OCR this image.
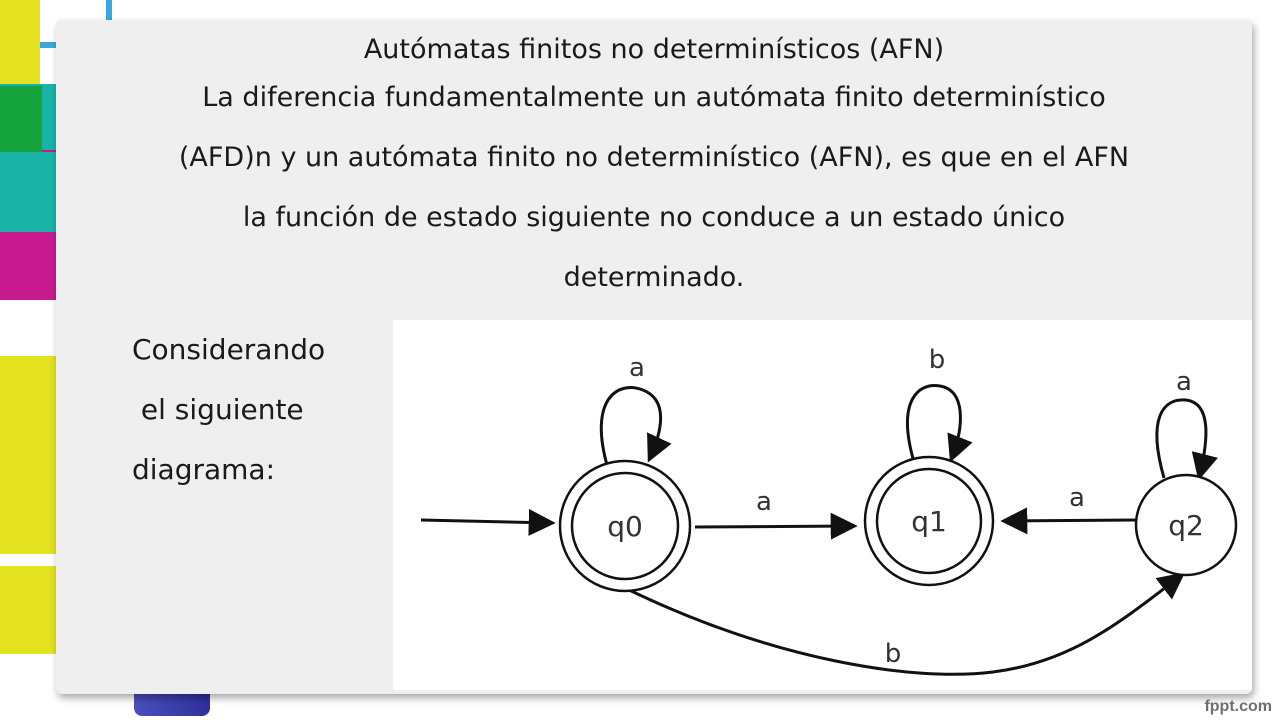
Autómatas finitos no determinísticos (AFN)

La diferencia fundamentalmente un autómata finito determinístico

(AFD)n y un autómata finito no determinístico (AFN), es que en el AFN

la función de estado siguiente no conduce a un estado único

determinado.

Considerando
el siguiente
diagrama:
a	b
a
a	a
b
q0	q1	q2
fppt.com
